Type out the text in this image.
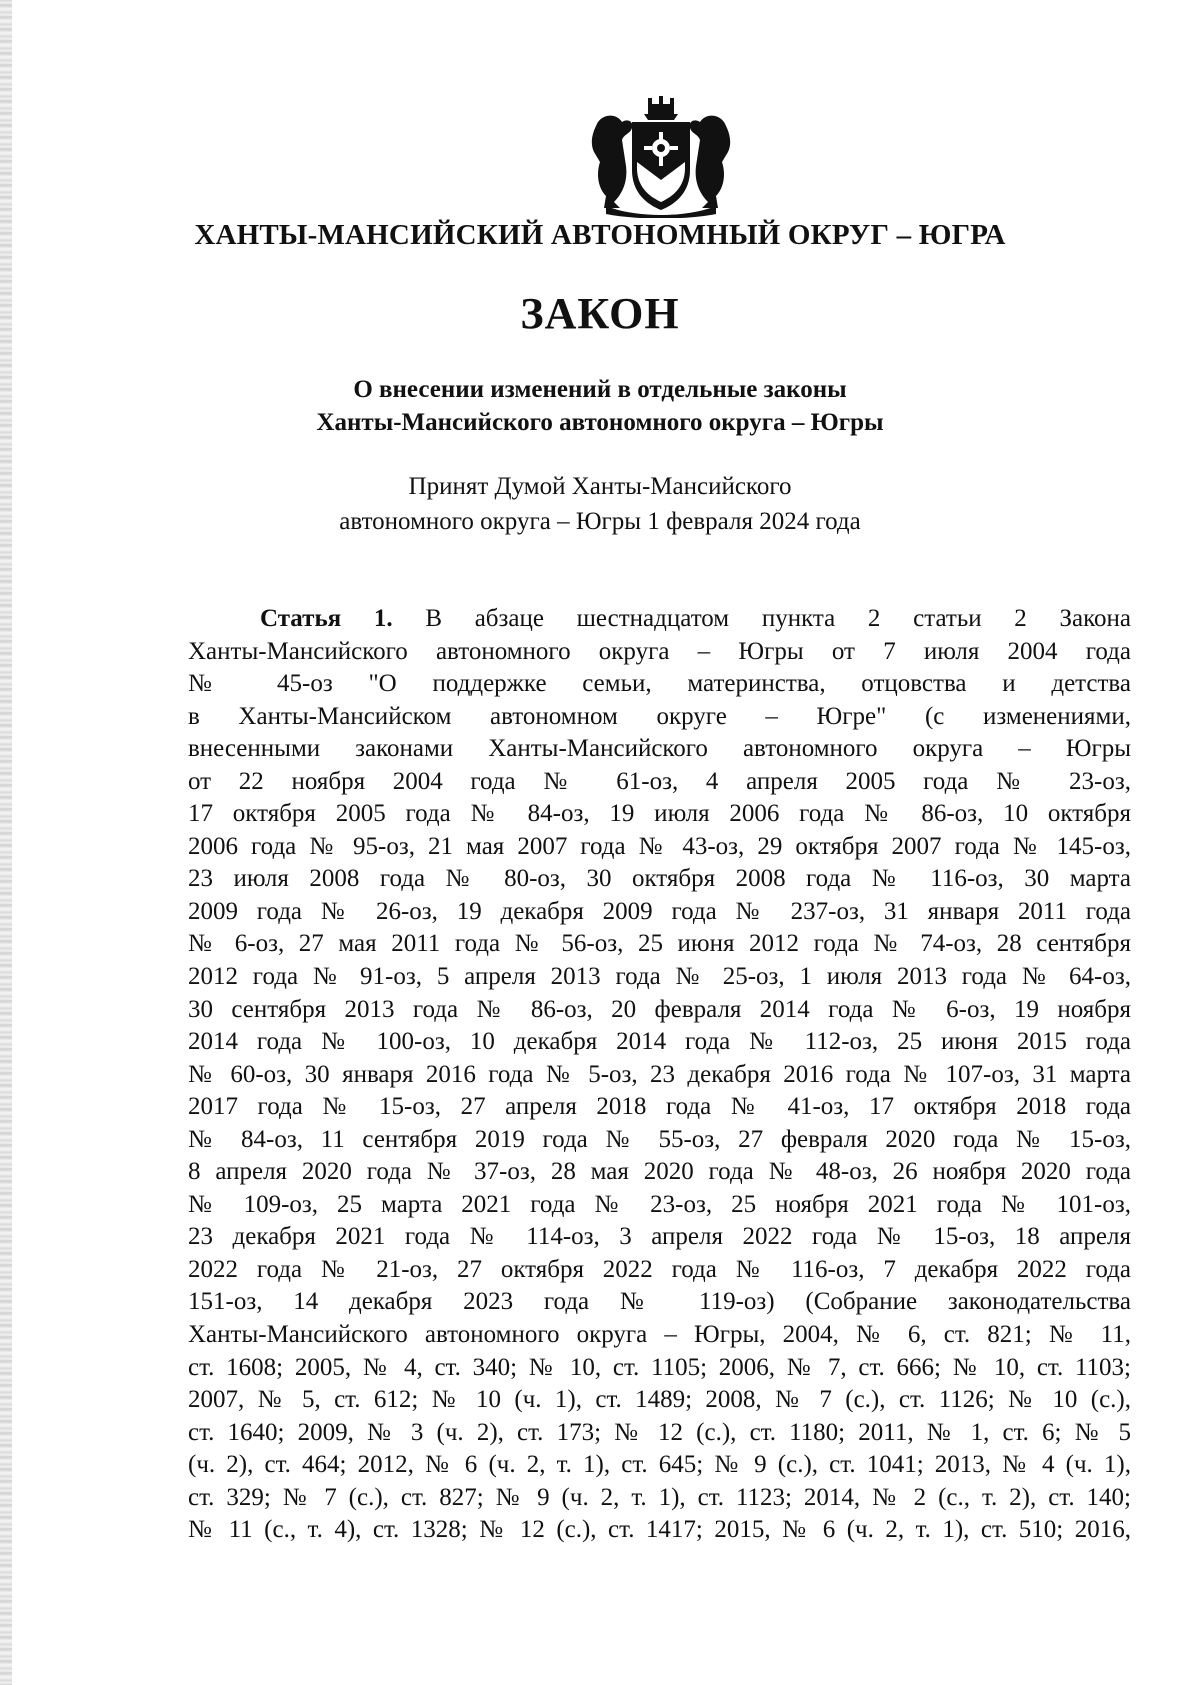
ХАНТЫ-МАНСИЙСКИЙ АВТОНОМНЫЙ ОКРУГ – ЮГРА
ЗАКОН
О внесении изменений в отдельные законы
Ханты-Мансийского автономного округа – Югры
Принят Думой Ханты-Мансийского
автономного округа – Югры 1 февраля 2024 года
Статья 1. В абзаце шестнадцатом пункта 2 статьи 2 Закона
Ханты-Мансийского автономного округа – Югры от 7 июля 2004 года
№ 45-оз "О поддержке семьи, материнства, отцовства и детства
в Ханты-Мансийском автономном округе – Югре" (с изменениями,
внесенными законами Ханты-Мансийского автономного округа – Югры
от 22 ноября 2004 года № 61-оз, 4 апреля 2005 года № 23-оз,
17 октября 2005 года № 84-оз, 19 июля 2006 года № 86-оз, 10 октября
2006 года № 95-оз, 21 мая 2007 года № 43-оз, 29 октября 2007 года № 145-оз,
23 июля 2008 года № 80-оз, 30 октября 2008 года № 116-оз, 30 марта
2009 года № 26-оз, 19 декабря 2009 года № 237-оз, 31 января 2011 года
№ 6-оз, 27 мая 2011 года № 56-оз, 25 июня 2012 года № 74-оз, 28 сентября
2012 года № 91-оз, 5 апреля 2013 года № 25-оз, 1 июля 2013 года № 64-оз,
30 сентября 2013 года № 86-оз, 20 февраля 2014 года № 6-оз, 19 ноября
2014 года № 100-оз, 10 декабря 2014 года № 112-оз, 25 июня 2015 года
№ 60-оз, 30 января 2016 года № 5-оз, 23 декабря 2016 года № 107-оз, 31 марта
2017 года № 15-оз, 27 апреля 2018 года № 41-оз, 17 октября 2018 года
№ 84-оз, 11 сентября 2019 года № 55-оз, 27 февраля 2020 года № 15-оз,
8 апреля 2020 года № 37-оз, 28 мая 2020 года № 48-оз, 26 ноября 2020 года
№ 109-оз, 25 марта 2021 года № 23-оз, 25 ноября 2021 года № 101-оз,
23 декабря 2021 года № 114-оз, 3 апреля 2022 года № 15-оз, 18 апреля
2022 года № 21-оз, 27 октября 2022 года № 116-оз, 7 декабря 2022 года
151-оз, 14 декабря 2023 года № 119-оз) (Собрание законодательства
Ханты-Мансийского автономного округа – Югры, 2004, № 6, ст. 821; № 11,
ст. 1608; 2005, № 4, ст. 340; № 10, ст. 1105; 2006, № 7, ст. 666; № 10, ст. 1103;
2007, № 5, ст. 612; № 10 (ч. 1), ст. 1489; 2008, № 7 (с.), ст. 1126; № 10 (с.),
ст. 1640; 2009, № 3 (ч. 2), ст. 173; № 12 (с.), ст. 1180; 2011, № 1, ст. 6; № 5
(ч. 2), ст. 464; 2012, № 6 (ч. 2, т. 1), ст. 645; № 9 (с.), ст. 1041; 2013, № 4 (ч. 1),
ст. 329; № 7 (с.), ст. 827; № 9 (ч. 2, т. 1), ст. 1123; 2014, № 2 (с., т. 2), ст. 140;
№ 11 (с., т. 4), ст. 1328; № 12 (с.), ст. 1417; 2015, № 6 (ч. 2, т. 1), ст. 510; 2016,
